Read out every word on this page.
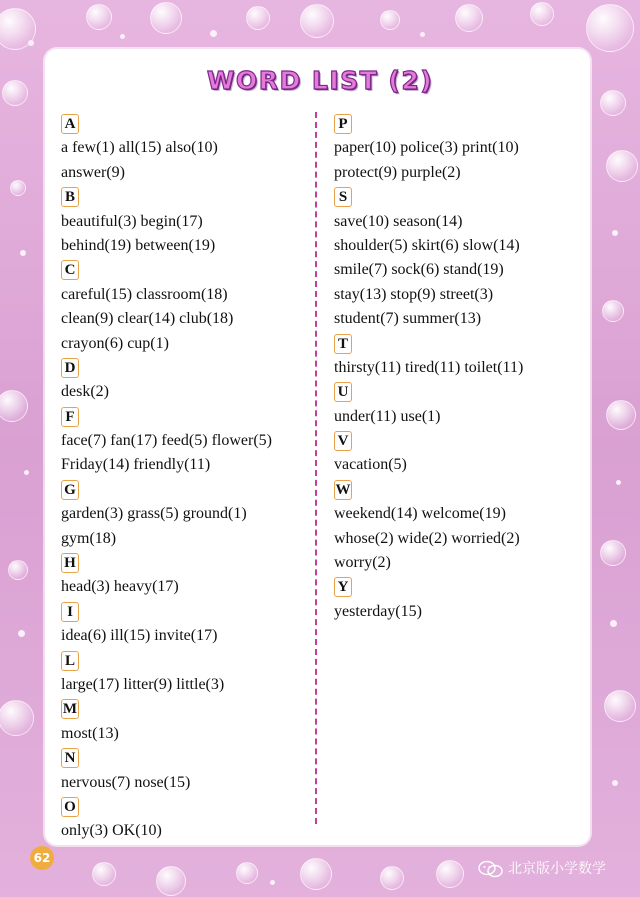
WORD LIST (2)
A
a few(1) all(15) also(10)
answer(9)
B
beautiful(3) begin(17)
behind(19) between(19)
C
careful(15) classroom(18)
clean(9) clear(14) club(18)
crayon(6) cup(1)
D
desk(2)
F
face(7) fan(17) feed(5) flower(5)
Friday(14) friendly(11)
G
garden(3) grass(5) ground(1)
gym(18)
H
head(3) heavy(17)
I
idea(6) ill(15) invite(17)
L
large(17) litter(9) little(3)
M
most(13)
N
nervous(7) nose(15)
O
only(3) OK(10)
P
paper(10) police(3) print(10)
protect(9) purple(2)
S
save(10) season(14)
shoulder(5) skirt(6) slow(14)
smile(7) sock(6) stand(19)
stay(13) stop(9) street(3)
student(7) summer(13)
T
thirsty(11) tired(11) toilet(11)
U
under(11) use(1)
V
vacation(5)
W
weekend(14) welcome(19)
whose(2) wide(2) worried(2)
worry(2)
Y
yesterday(15)
62
北京版小学数学
